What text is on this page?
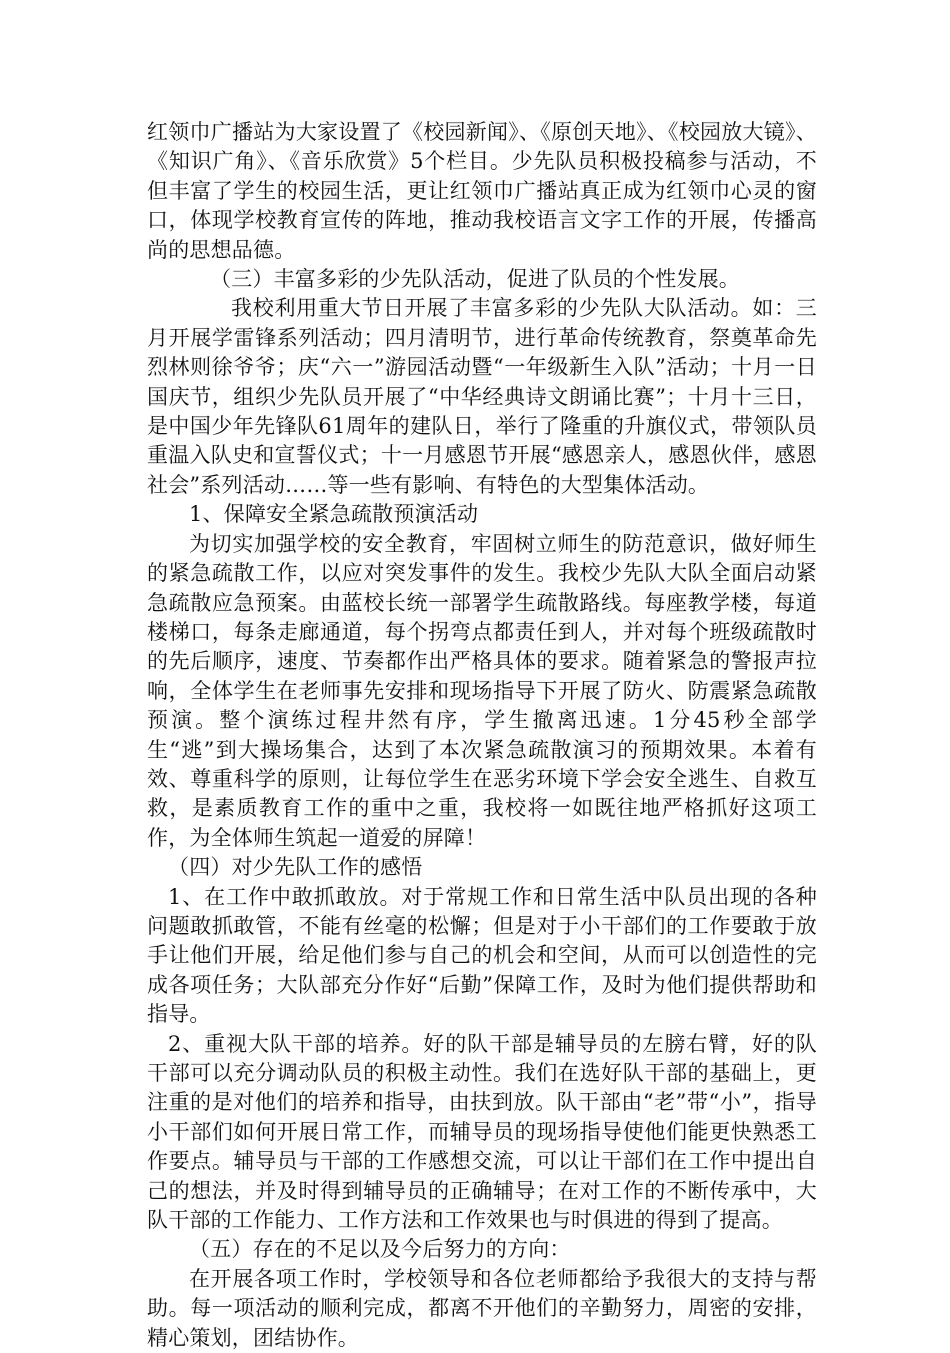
红领巾广播站为大家设置了《校园新闻》、《原创天地》、《校园放大镜》、《知识广角》、《音乐欣赏》5个栏目。少先队员积极投稿参与活动，不但丰富了学生的校园生活，更让红领巾广播站真正成为红领巾心灵的窗口，体现学校教育宣传的阵地，推动我校语言文字工作的开展，传播高尚的思想品德。

（三）丰富多彩的少先队活动，促进了队员的个性发展。

我校利用重大节日开展了丰富多彩的少先队大队活动。如：三月开展学雷锋系列活动；四月清明节，进行革命传统教育，祭奠革命先烈林则徐爷爷；庆“六一”游园活动暨“一年级新生入队”活动；十月一日国庆节，组织少先队员开展了“中华经典诗文朗诵比赛”；十月十三日，是中国少年先锋队61周年的建队日，举行了隆重的升旗仪式，带领队员重温入队史和宣誓仪式；十一月感恩节开展“感恩亲人，感恩伙伴，感恩社会”系列活动……等一些有影响、有特色的大型集体活动。

1、保障安全紧急疏散预演活动

为切实加强学校的安全教育，牢固树立师生的防范意识，做好师生的紧急疏散工作，以应对突发事件的发生。我校少先队大队全面启动紧急疏散应急预案。由蓝校长统一部署学生疏散路线。每座教学楼，每道楼梯口，每条走廊通道，每个拐弯点都责任到人，并对每个班级疏散时的先后顺序，速度、节奏都作出严格具体的要求。随着紧急的警报声拉响，全体学生在老师事先安排和现场指导下开展了防火、防震紧急疏散预演。整个演练过程井然有序，学生撤离迅速。1分45秒全部学生“逃”到大操场集合，达到了本次紧急疏散演习的预期效果。本着有效、尊重科学的原则，让每位学生在恶劣环境下学会安全逃生、自救互救，是素质教育工作的重中之重，我校将一如既往地严格抓好这项工作，为全体师生筑起一道爱的屏障！

（四）对少先队工作的感悟

1、在工作中敢抓敢放。对于常规工作和日常生活中队员出现的各种问题敢抓敢管，不能有丝毫的松懈；但是对于小干部们的工作要敢于放手让他们开展，给足他们参与自己的机会和空间，从而可以创造性的完成各项任务；大队部充分作好“后勤”保障工作，及时为他们提供帮助和指导。

2、重视大队干部的培养。好的队干部是辅导员的左膀右臂，好的队干部可以充分调动队员的积极主动性。我们在选好队干部的基础上，更注重的是对他们的培养和指导，由扶到放。队干部由“老”带“小”，指导小干部们如何开展日常工作，而辅导员的现场指导使他们能更快熟悉工作要点。辅导员与干部的工作感想交流，可以让干部们在工作中提出自己的想法，并及时得到辅导员的正确辅导；在对工作的不断传承中，大队干部的工作能力、工作方法和工作效果也与时俱进的得到了提高。

（五）存在的不足以及今后努力的方向：

在开展各项工作时，学校领导和各位老师都给予我很大的支持与帮助。每一项活动的顺利完成，都离不开他们的辛勤努力，周密的安排，精心策划，团结协作。
